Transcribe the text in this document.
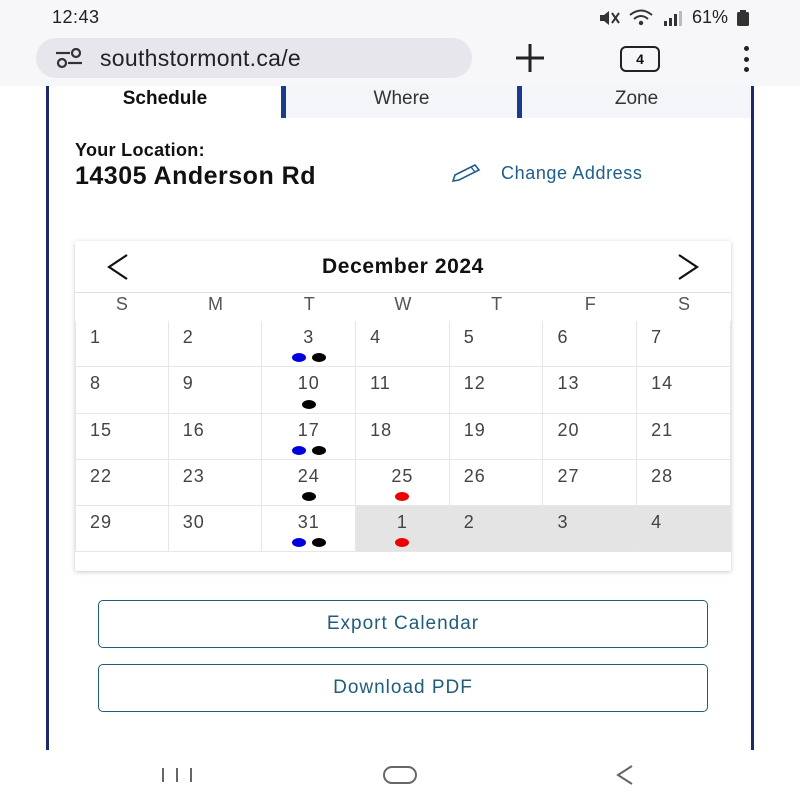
12:43	61%
southstormont.ca/e	4
Schedule	Where	Zone
Your Location:
14305 Anderson Rd	Change Address
December 2024
S	M	T	W	T	F	S
1	2	3	4	5	6	7
8	9	10	11	12	13	14
15	16	17	18	19	20	21
22	23	24	25	26	27	28
29	30	31	1	2	3	4
Export Calendar
Download PDF
